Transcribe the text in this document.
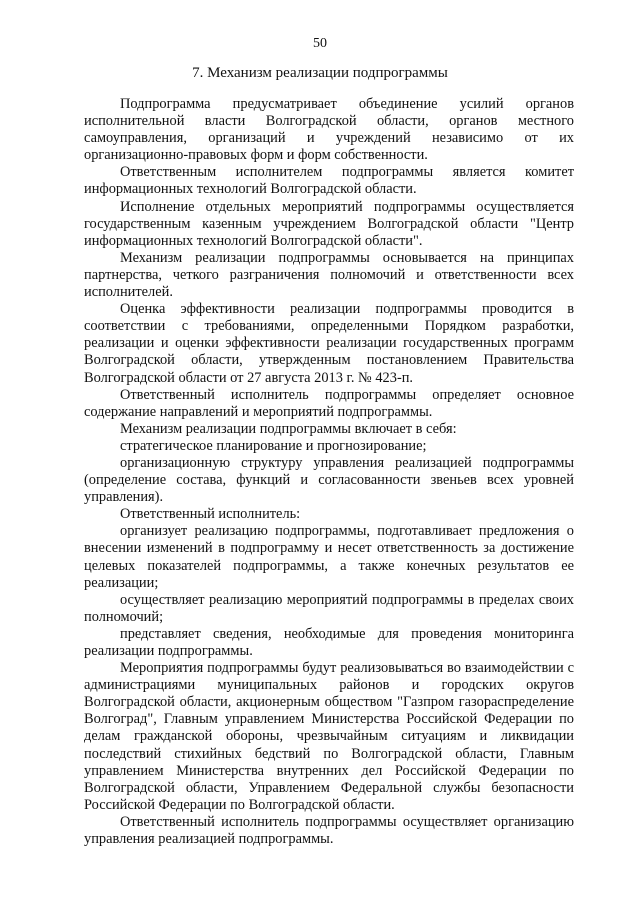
50
7. Механизм реализации подпрограммы

Подпрограмма предусматривает объединение усилий органов исполнительной власти Волгоградской области, органов местного самоуправления, организаций и учреждений независимо от их организационно-правовых форм и форм собственности.

Ответственным исполнителем подпрограммы является комитет информационных технологий Волгоградской области.

Исполнение отдельных мероприятий подпрограммы осуществляется государственным казенным учреждением Волгоградской области "Центр информационных технологий Волгоградской области".

Механизм реализации подпрограммы основывается на принципах партнерства, четкого разграничения полномочий и ответственности всех исполнителей.

Оценка эффективности реализации подпрограммы проводится в соответствии с требованиями, определенными Порядком разработки, реализации и оценки эффективности реализации государственных программ Волгоградской области, утвержденным постановлением Правительства Волгоградской области от 27 августа 2013 г. № 423-п.

Ответственный исполнитель подпрограммы определяет основное содержание направлений и мероприятий подпрограммы.

Механизм реализации подпрограммы включает в себя:

стратегическое планирование и прогнозирование;

организационную структуру управления реализацией подпрограммы (определение состава, функций и согласованности звеньев всех уровней управления).

Ответственный исполнитель:

организует реализацию подпрограммы, подготавливает предложения о внесении изменений в подпрограмму и несет ответственность за достижение целевых показателей подпрограммы, а также конечных результатов ее реализации;

осуществляет реализацию мероприятий подпрограммы в пределах своих полномочий;

представляет сведения, необходимые для проведения мониторинга реализации подпрограммы.

Мероприятия подпрограммы будут реализовываться во взаимодействии с администрациями муниципальных районов и городских округов Волгоградской области, акционерным обществом "Газпром газораспределение Волгоград", Главным управлением Министерства Российской Федерации по делам гражданской обороны, чрезвычайным ситуациям и ликвидации последствий стихийных бедствий по Волгоградской области, Главным управлением Министерства внутренних дел Российской Федерации по Волгоградской области, Управлением Федеральной службы безопасности Российской Федерации по Волгоградской области.

Ответственный исполнитель подпрограммы осуществляет организацию управления реализацией подпрограммы.
